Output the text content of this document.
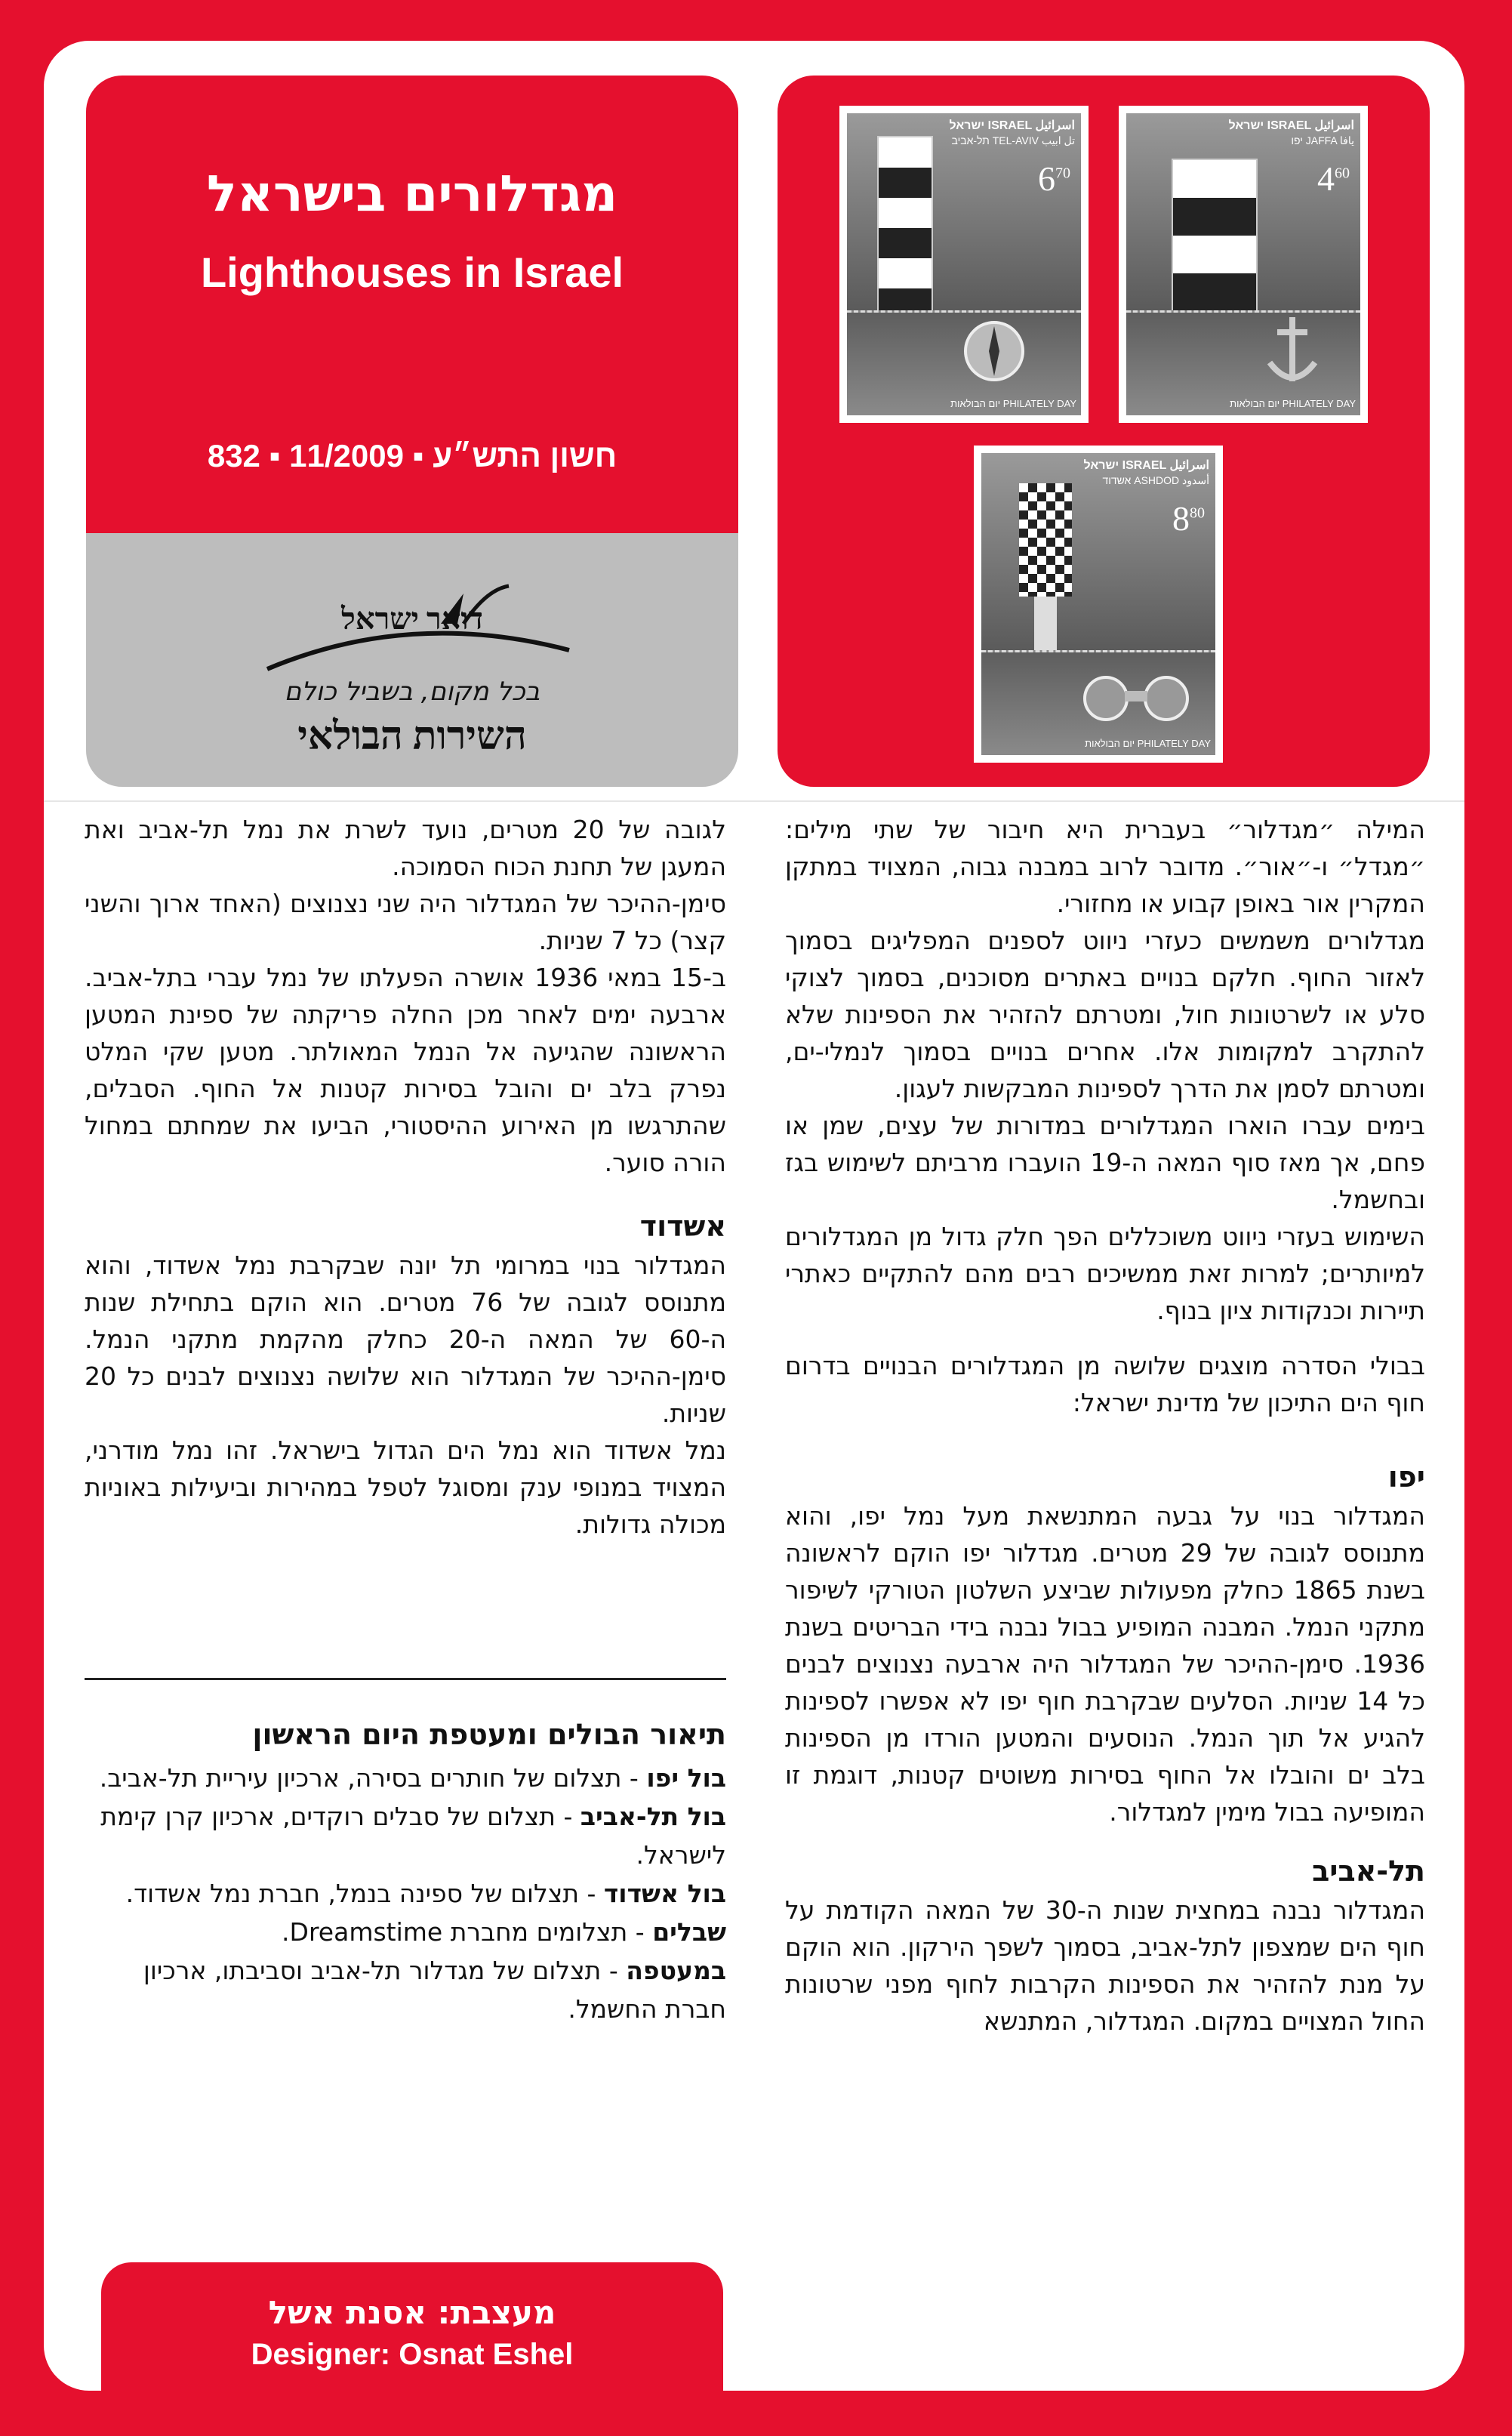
מגדלורים בישראל
Lighthouses in Israel
חשון התש״ע ▪ 11/2009 ▪ 832
דואר ישראל
בכל מקום, בשביל כולם
השירות הבולאי
ישראל ISRAEL اسرائيل
תל-אביב TEL-AVIV تل ابيب
$6^{70}$
יום הבולאות PHILATELY DAY
ישראל ISRAEL اسرائيل
יפו JAFFA يافا
$4^{60}$
יום הבולאות PHILATELY DAY
ישראל ISRAEL اسرائيل
אשדוד ASHDOD أسدود
$8^{80}$
יום הבולאות PHILATELY DAY

המילה ״מגדלור״ בעברית היא חיבור של שתי מילים: ״מגדל״ ו-״אור״. מדובר לרוב במבנה גבוה, המצויד במתקן המקרין אור באופן קבוע או מחזורי.

מגדלורים משמשים כעזרי ניווט לספנים המפליגים בסמוך לאזור החוף. חלקם בנויים באתרים מסוכנים, בסמוך לצוקי סלע או לשרטונות חול, ומטרתם להזהיר את הספינות שלא להתקרב למקומות אלו. אחרים בנויים בסמוך לנמלי-ים, ומטרתם לסמן את הדרך לספינות המבקשות לעגון.

בימים עברו הוארו המגדלורים במדורות של עצים, שמן או פחם, אך מאז סוף המאה ה-19 הועברו מרביתם לשימוש בגז ובחשמל.

השימוש בעזרי ניווט משוכללים הפך חלק גדול מן המגדלורים למיותרים; למרות זאת ממשיכים רבים מהם להתקיים כאתרי תיירות וכנקודות ציון בנוף.

בבולי הסדרה מוצגים שלושה מן המגדלורים הבנויים בדרום חוף הים התיכון של מדינת ישראל:

יפו

המגדלור בנוי על גבעה המתנשאת מעל נמל יפו, והוא מתנוסס לגובה של 29 מטרים. מגדלור יפו הוקם לראשונה בשנת 1865 כחלק מפעולות שביצע השלטון הטורקי לשיפור מתקני הנמל. המבנה המופיע בבול נבנה בידי הבריטים בשנת 1936. סימן-ההיכר של המגדלור היה ארבעה נצנוצים לבנים כל 14 שניות. הסלעים שבקרבת חוף יפו לא אפשרו לספינות להגיע אל תוך הנמל. הנוסעים והמטען הורדו מן הספינות בלב ים והובלו אל החוף בסירות משוטים קטנות, דוגמת זו המופיעה בבול מימין למגדלור.

תל-אביב

המגדלור נבנה במחצית שנות ה-30 של המאה הקודמת על חוף הים שמצפון לתל-אביב, בסמוך לשפך הירקון. הוא הוקם על מנת להזהיר את הספינות הקרבות לחוף מפני שרטונות החול המצויים במקום. המגדלור, המתנשא

לגובה של 20 מטרים, נועד לשרת את נמל תל-אביב ואת המעגן של תחנת הכוח הסמוכה.

סימן-ההיכר של המגדלור היה שני נצנוצים (האחד ארוך והשני קצר) כל 7 שניות.

ב-15 במאי 1936 אושרה הפעלתו של נמל עברי בתל-אביב. ארבעה ימים לאחר מכן החלה פריקתה של ספינת המטען הראשונה שהגיעה אל הנמל המאולתר. מטען שקי המלט נפרק בלב ים והובל בסירות קטנות אל החוף. הסבלים, שהתרגשו מן האירוע ההיסטורי, הביעו את שמחתם במחול הורה סוער.

אשדוד

המגדלור בנוי במרומי תל יונה שבקרבת נמל אשדוד, והוא מתנוסס לגובה של 76 מטרים. הוא הוקם בתחילת שנות ה-60 של המאה ה-20 כחלק מהקמת מתקני הנמל. סימן-ההיכר של המגדלור הוא שלושה נצנוצים לבנים כל 20 שניות.

נמל אשדוד הוא נמל הים הגדול בישראל. זהו נמל מודרני, המצויד במנופי ענק ומסוגל לטפל במהירות וביעילות באוניות מכולה גדולות.

תיאור הבולים ומעטפת היום הראשון

בול יפו - תצלום של חותרים בסירה, ארכיון עיריית תל-אביב.

בול תל-אביב - תצלום של סבלים רוקדים, ארכיון קרן קימת לישראל.

בול אשדוד - תצלום של ספינה בנמל, חברת נמל אשדוד.

שבלים - תצלומים מחברת Dreamstime.

במעטפה - תצלום של מגדלור תל-אביב וסביבתו, ארכיון חברת החשמל.

מעצבת: אסנת אשל
Designer: Osnat Eshel
